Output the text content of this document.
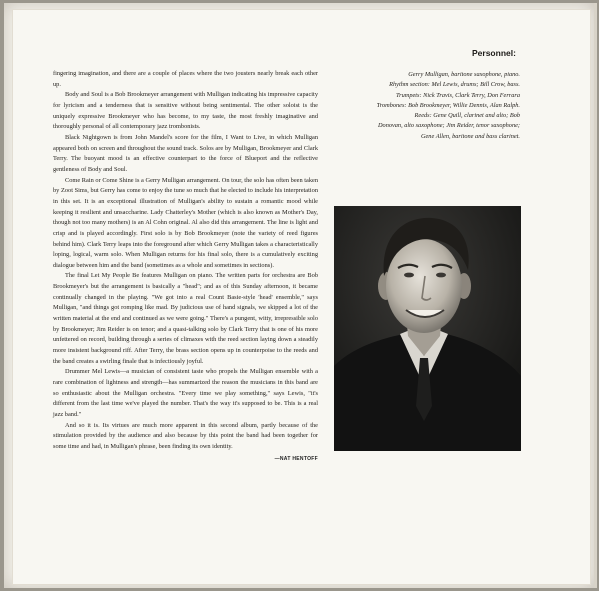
fingering imagination, and there are a couple of places where the two jousters nearly break each other up.

Body and Soul is a Bob Brookmeyer arrangement with Mulligan indicating his impressive capacity for lyricism and a tenderness that is sensitive without being sentimental. The other soloist is the uniquely expressive Brookmeyer who has become, to my taste, the most freshly imaginative and thoroughly personal of all contemporary jazz trombonists.

Black Nightgown is from John Mandel's score for the film, I Want to Live, in which Mulligan appeared both on screen and throughout the sound track. Solos are by Mulligan, Brookmeyer and Clark Terry. The buoyant mood is an effective counterpart to the force of Blueport and the reflective gentleness of Body and Soul.

Come Rain or Come Shine is a Gerry Mulligan arrangement. On tour, the solo has often been taken by Zoot Sims, but Gerry has come to enjoy the tune so much that he elected to include his interpretation in this set. It is an exceptional illustration of Mulligan's ability to sustain a romantic mood while keeping it resilient and unsaccharine. Lady Chatterley's Mother (which is also known as Mother's Day, though not too many mothers) is an Al Cohn original. Al also did this arrangement. The line is light and crisp and is played accordingly. First solo is by Bob Brookmeyer (note the variety of reed figures behind him). Clark Terry leaps into the foreground after which Gerry Mulligan takes a characteristically loping, logical, warm solo. When Mulligan returns for his final solo, there is a cumulatively exciting dialogue between him and the band (sometimes as a whole and sometimes in sections).

The final Let My People Be features Mulligan on piano. The written parts for orchestra are Bob Brookmeyer's but the arrangement is basically a "head"; and as of this Sunday afternoon, it became continually changed in the playing. "We got into a real Count Basie-style 'head' ensemble," says Mulligan, "and things got romping like mad. By judicious use of hand signals, we skipped a lot of the written material at the end and continued as we were going." There's a pungent, witty, irrepressible solo by Brookmeyer; Jim Reider is on tenor; and a quasi-talking solo by Clark Terry that is one of his more unfettered on record, building through a series of climaxes with the reed section laying down a steadily more insistent background riff. After Terry, the brass section opens up in counterpoise to the reeds and the band creates a swirling finale that is infectiously joyful.

Drummer Mel Lewis—a musician of consistent taste who propels the Mulligan ensemble with a rare combination of lightness and strength—has summarized the reason the musicians in this band are so enthusiastic about the Mulligan orchestra. "Every time we play something," says Lewis, "it's different from the last time we've played the number. That's the way it's supposed to be. This is a real jazz band."

And so it is. Its virtues are much more apparent in this second album, partly because of the stimulation provided by the audience and also because by this point the band had been together for some time and had, in Mulligan's phrase, been finding its own identity.

—NAT HENTOFF
Personnel:
Gerry Mulligan, baritone saxophone, piano.
Rhythm section: Mel Lewis, drums; Bill Crow, bass.
Trumpets: Nick Travis, Clark Terry, Don Ferrara
Trombones: Bob Brookmeyer, Willie Dennis, Alan Ralph.
Reeds: Gene Quill, clarinet and alto; Bob
Donovan, alto saxophone; Jim Reider, tenor saxophone;
Gene Allen, baritone and bass clarinet.
